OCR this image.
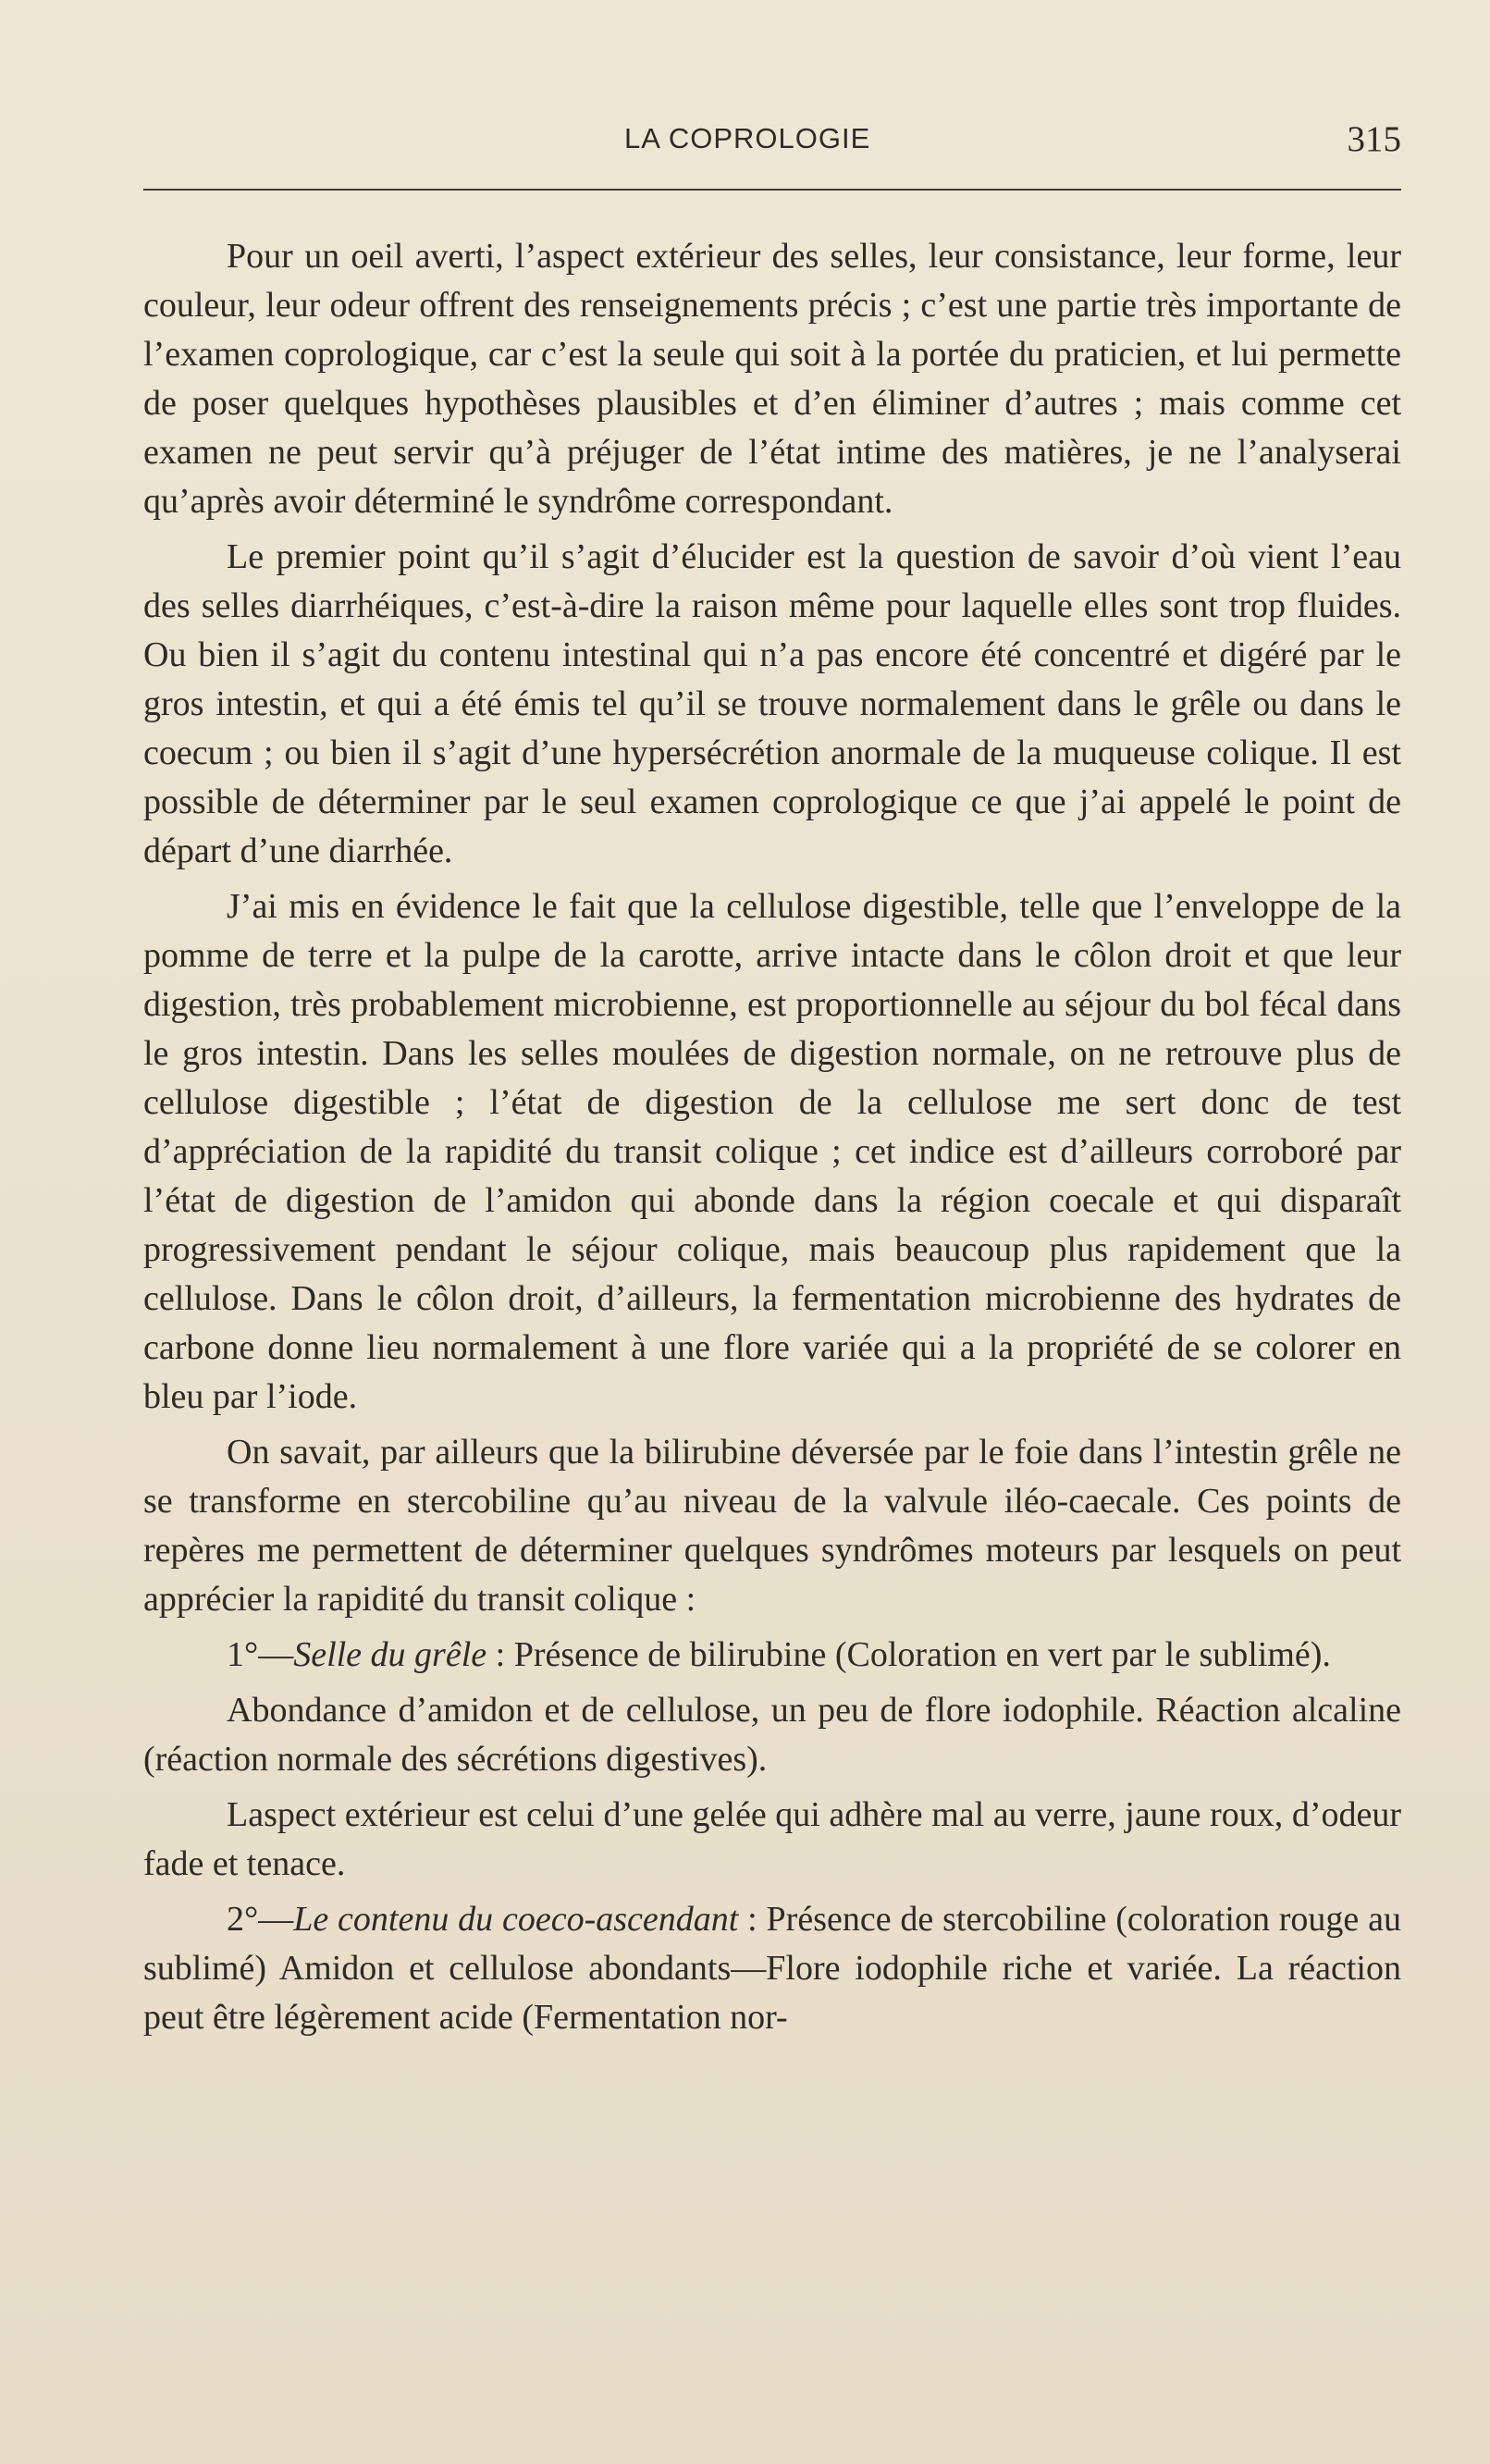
LA COPROLOGIE	315

Pour un oeil averti, l’aspect extérieur des selles, leur consistance, leur forme, leur couleur, leur odeur offrent des renseignements précis ; c’est une partie très importante de l’examen coprologique, car c’est la seule qui soit à la portée du praticien, et lui permette de poser quelques hypothèses plausibles et d’en éliminer d’autres ; mais comme cet examen ne peut servir qu’à préjuger de l’état intime des matières, je ne l’analyserai qu’après avoir déterminé le syndrôme correspondant.

Le premier point qu’il s’agit d’élucider est la question de savoir d’où vient l’eau des selles diarrhéiques, c’est-à-dire la raison même pour laquelle elles sont trop fluides. Ou bien il s’agit du contenu intestinal qui n’a pas encore été concentré et digéré par le gros intestin, et qui a été émis tel qu’il se trouve normalement dans le grêle ou dans le coecum ; ou bien il s’agit d’une hypersécrétion anormale de la muqueuse colique. Il est possible de déterminer par le seul examen coprologique ce que j’ai appelé le point de départ d’une diarrhée.

J’ai mis en évidence le fait que la cellulose digestible, telle que l’enveloppe de la pomme de terre et la pulpe de la carotte, arrive intacte dans le côlon droit et que leur digestion, très probablement microbienne, est proportionnelle au séjour du bol fécal dans le gros intestin. Dans les selles moulées de digestion normale, on ne retrouve plus de cellulose digestible ; l’état de digestion de la cellulose me sert donc de test d’appréciation de la rapidité du transit colique ; cet indice est d’ailleurs corroboré par l’état de digestion de l’amidon qui abonde dans la région coecale et qui disparaît progressivement pendant le séjour colique, mais beaucoup plus rapidement que la cellulose. Dans le côlon droit, d’ailleurs, la fermentation microbienne des hydrates de carbone donne lieu normalement à une flore variée qui a la propriété de se colorer en bleu par l’iode.

On savait, par ailleurs que la bilirubine déversée par le foie dans l’intestin grêle ne se transforme en stercobiline qu’au niveau de la valvule iléo-caecale. Ces points de repères me permettent de déterminer quelques syndrômes moteurs par lesquels on peut apprécier la rapidité du transit colique :

1°—Selle du grêle : Présence de bilirubine (Coloration en vert par le sublimé).

Abondance d’amidon et de cellulose, un peu de flore iodophile. Réaction alcaline (réaction normale des sécrétions digestives).

Laspect extérieur est celui d’une gelée qui adhère mal au verre, jaune roux, d’odeur fade et tenace.

2°—Le contenu du coeco-ascendant : Présence de stercobiline (coloration rouge au sublimé) Amidon et cellulose abondants—Flore iodophile riche et variée. La réaction peut être légèrement acide (Fermentation nor-
